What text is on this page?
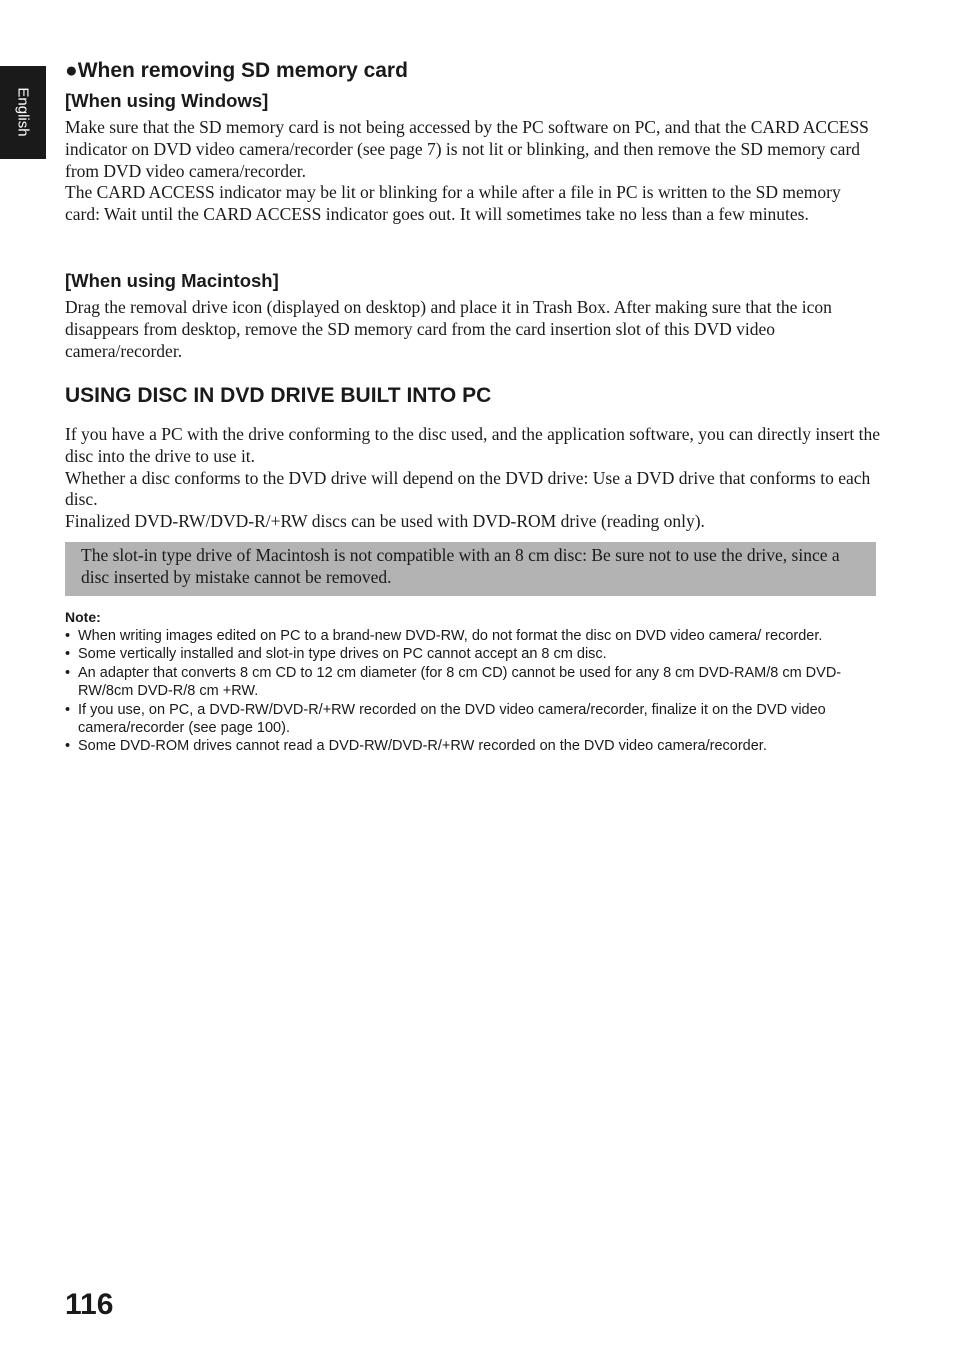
English
●When removing SD memory card
[When using Windows]

Make sure that the SD memory card is not being accessed by the PC software on PC, and that the CARD ACCESS indicator on DVD video camera/recorder (see page 7) is not lit or blinking, and then remove the SD memory card from DVD video camera/recorder.

The CARD ACCESS indicator may be lit or blinking for a while after a file in PC is written to the SD memory card: Wait until the CARD ACCESS indicator goes out. It will sometimes take no less than a few minutes.

[When using Macintosh]

Drag the removal drive icon (displayed on desktop) and place it in Trash Box. After making sure that the icon disappears from desktop, remove the SD memory card from the card insertion slot of this DVD video camera/recorder.

USING DISC IN DVD DRIVE BUILT INTO PC

If you have a PC with the drive conforming to the disc used, and the application software, you can directly insert the disc into the drive to use it.

Whether a disc conforms to the DVD drive will depend on the DVD drive: Use a DVD drive that conforms to each disc.

Finalized DVD-RW/DVD-R/+RW discs can be used with DVD-ROM drive (reading only).

The slot-in type drive of Macintosh is not compatible with an 8 cm disc: Be sure not to use the drive, since a disc inserted by mistake cannot be removed.

Note:
• When writing images edited on PC to a brand-new DVD-RW, do not format the disc on DVD video camera/ recorder.
• Some vertically installed and slot-in type drives on PC cannot accept an 8 cm disc.
• An adapter that converts 8 cm CD to 12 cm diameter (for 8 cm CD) cannot be used for any 8 cm DVD-RAM/8 cm DVD-RW/8cm DVD-R/8 cm +RW.
• If you use, on PC, a DVD-RW/DVD-R/+RW recorded on the DVD video camera/recorder, finalize it on the DVD video camera/recorder (see page 100).
• Some DVD-ROM drives cannot read a DVD-RW/DVD-R/+RW recorded on the DVD video camera/recorder.
116
